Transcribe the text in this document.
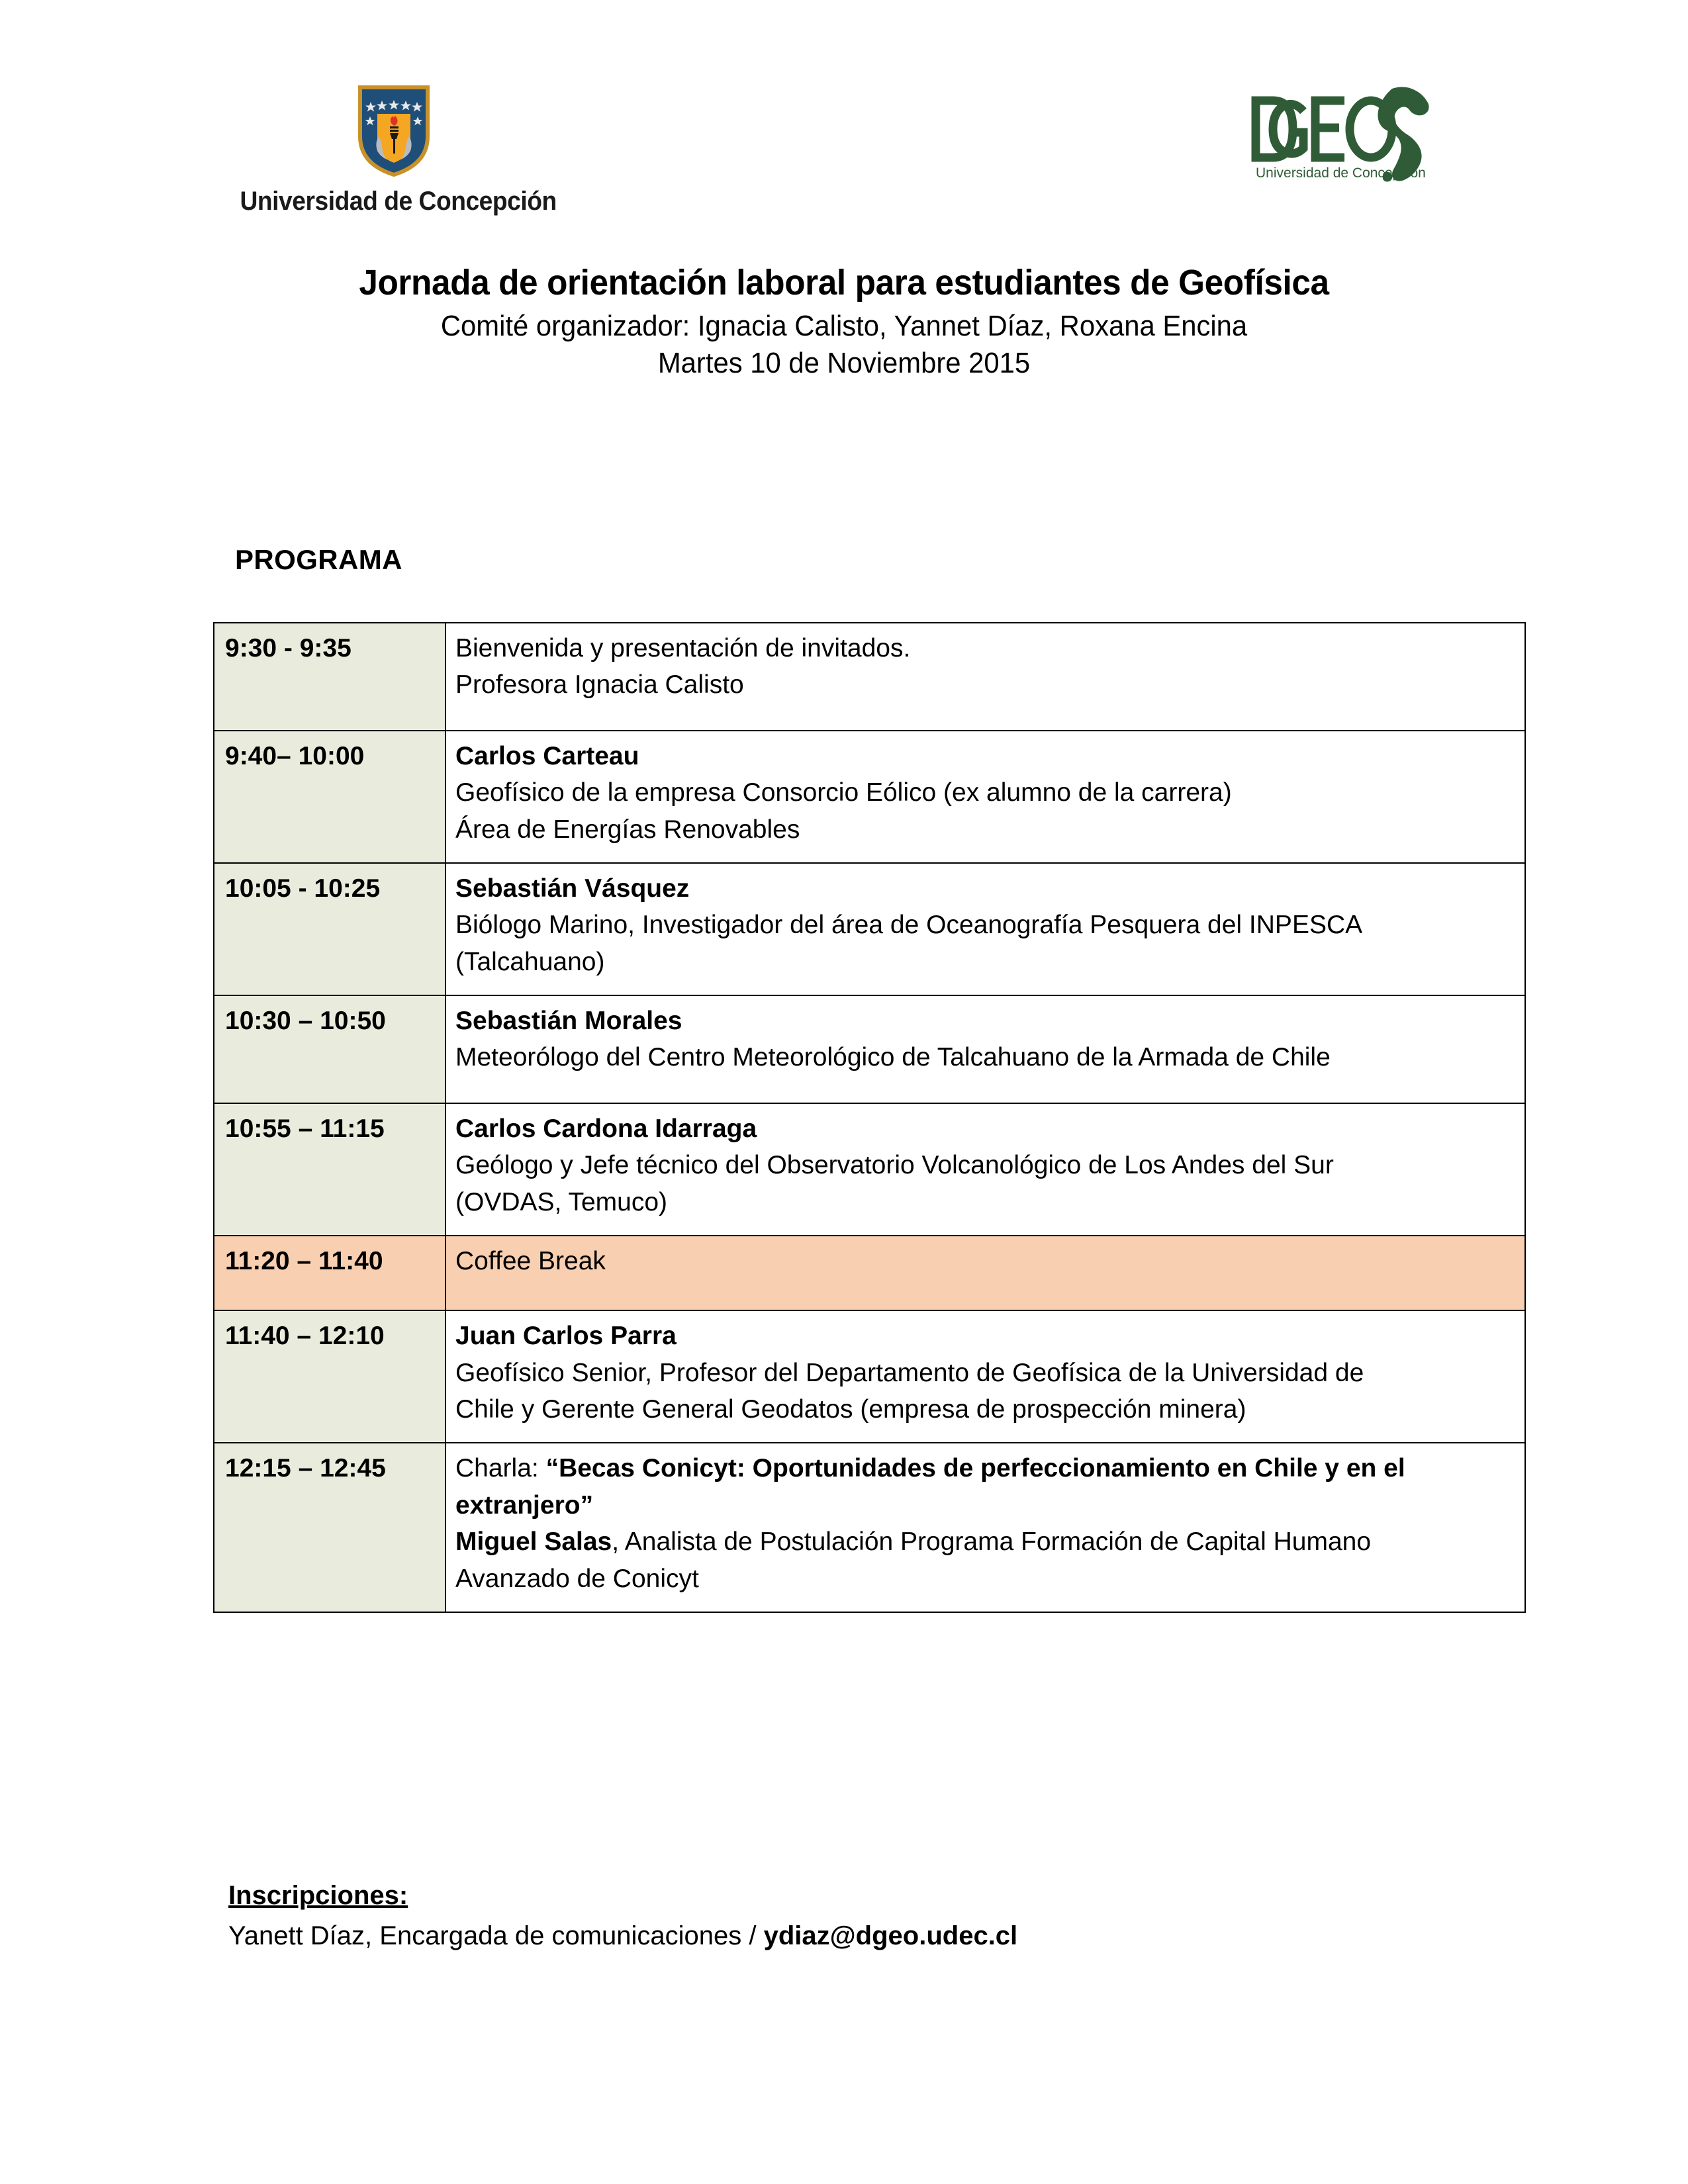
Universidad de Concepción
Universidad de Concepción
Jornada de orientación laboral para estudiantes de Geofísica
Comité organizador: Ignacia Calisto, Yannet Díaz, Roxana Encina
Martes 10 de Noviembre 2015
PROGRAMA
9:30 - 9:35	Bienvenida y presentación de invitados.
Profesora Ignacia Calisto

9:40– 10:00	Carlos Carteau
Geofísico de la empresa Consorcio Eólico (ex alumno de la carrera)
Área de Energías Renovables

10:05 - 10:25	Sebastián Vásquez
Biólogo Marino, Investigador del área de Oceanografía Pesquera del INPESCA
(Talcahuano)

10:30 – 10:50	Sebastián Morales
Meteorólogo del Centro Meteorológico de Talcahuano de la Armada de Chile

10:55 – 11:15	Carlos Cardona Idarraga
Geólogo y Jefe técnico del Observatorio Volcanológico de Los Andes del Sur
(OVDAS, Temuco)

11:20 – 11:40	Coffee Break

11:40 – 12:10	Juan Carlos Parra
Geofísico Senior, Profesor del Departamento de Geofísica de la Universidad de
Chile y Gerente General Geodatos (empresa de prospección minera)

12:15 – 12:45	Charla: “Becas Conicyt: Oportunidades de perfeccionamiento en Chile y en el
extranjero”
Miguel Salas, Analista de Postulación Programa Formación de Capital Humano
Avanzado de Conicyt
Inscripciones:
Yanett Díaz, Encargada de comunicaciones / ydiaz@dgeo.udec.cl
